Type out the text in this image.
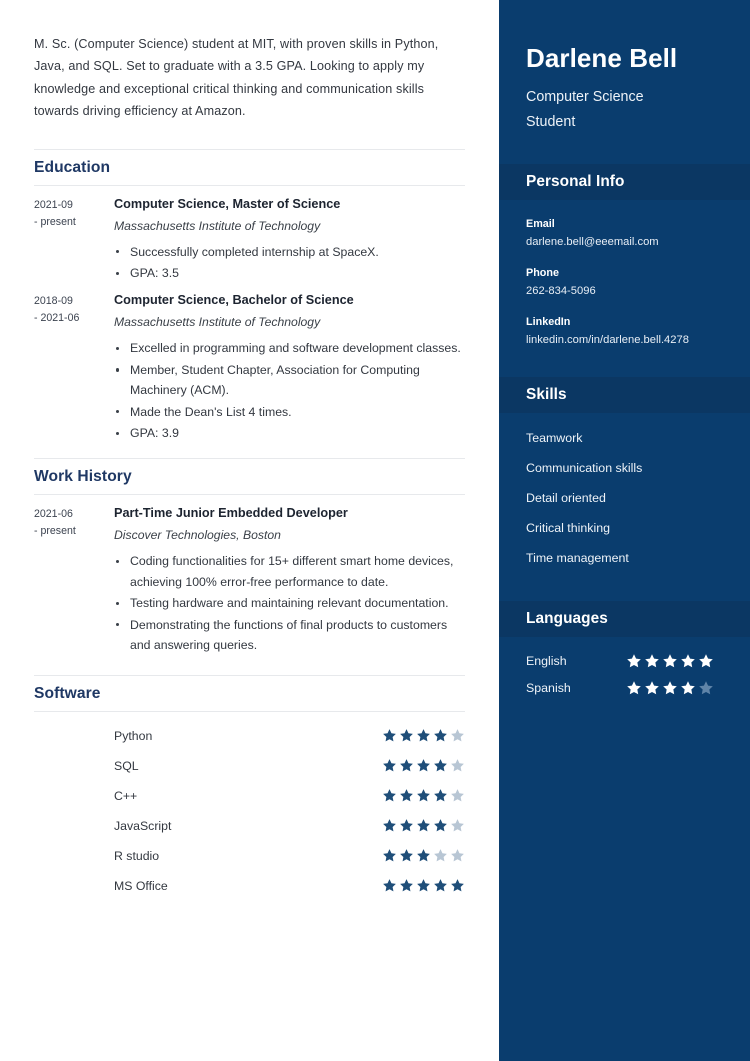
M. Sc. (Computer Science) student at MIT, with proven skills in Python, Java, and SQL. Set to graduate with a 3.5 GPA. Looking to apply my knowledge and exceptional critical thinking and communication skills towards driving efficiency at Amazon.

Education
2021-09
- present
Computer Science, Master of Science
Massachusetts Institute of Technology
Successfully completed internship at SpaceX.
GPA: 3.5
2018-09
- 2021-06
Computer Science, Bachelor of Science
Massachusetts Institute of Technology
Excelled in programming and software development classes.
Member, Student Chapter, Association for Computing Machinery (ACM).
Made the Dean's List 4 times.
GPA: 3.9
Work History
2021-06
- present
Part-Time Junior Embedded Developer
Discover Technologies, Boston
Coding functionalities for 15+ different smart home devices, achieving 100% error-free performance to date.
Testing hardware and maintaining relevant documentation.
Demonstrating the functions of final products to customers and answering queries.
Software
Python
SQL
C++
JavaScript
R studio
MS Office
Darlene Bell
Computer Science
Student
Personal Info
Email
darlene.bell@eeemail.com
Phone
262-834-5096
LinkedIn
linkedin.com/in/darlene.bell.4278
Skills
Teamwork
Communication skills
Detail oriented
Critical thinking
Time management
Languages
English
Spanish
